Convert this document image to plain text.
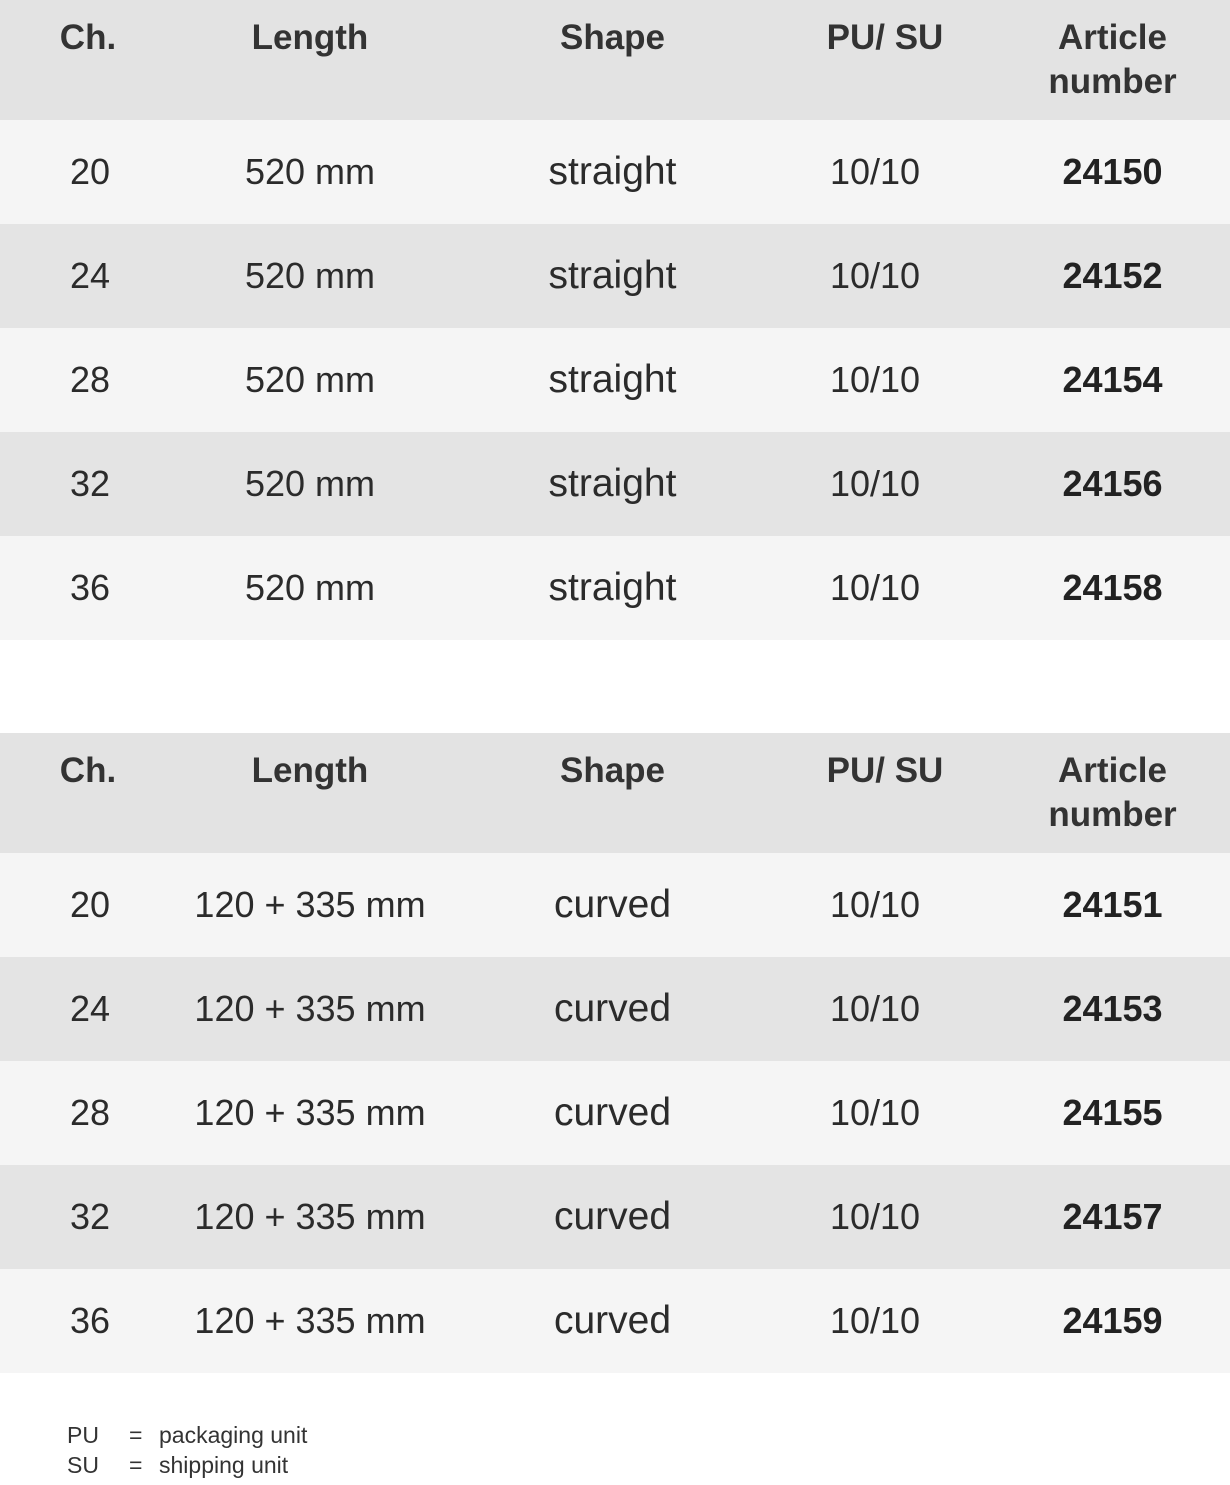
Ch.	Length	Shape	PU/ SU	Article
number
20	520 mm	straight	10/10	24150
24	520 mm	straight	10/10	24152
28	520 mm	straight	10/10	24154
32	520 mm	straight	10/10	24156
36	520 mm	straight	10/10	24158
Ch.	Length	Shape	PU/ SU	Article
number
20	120 + 335 mm	curved	10/10	24151
24	120 + 335 mm	curved	10/10	24153
28	120 + 335 mm	curved	10/10	24155
32	120 + 335 mm	curved	10/10	24157
36	120 + 335 mm	curved	10/10	24159
PU	= packaging unit
SU	= shipping unit
